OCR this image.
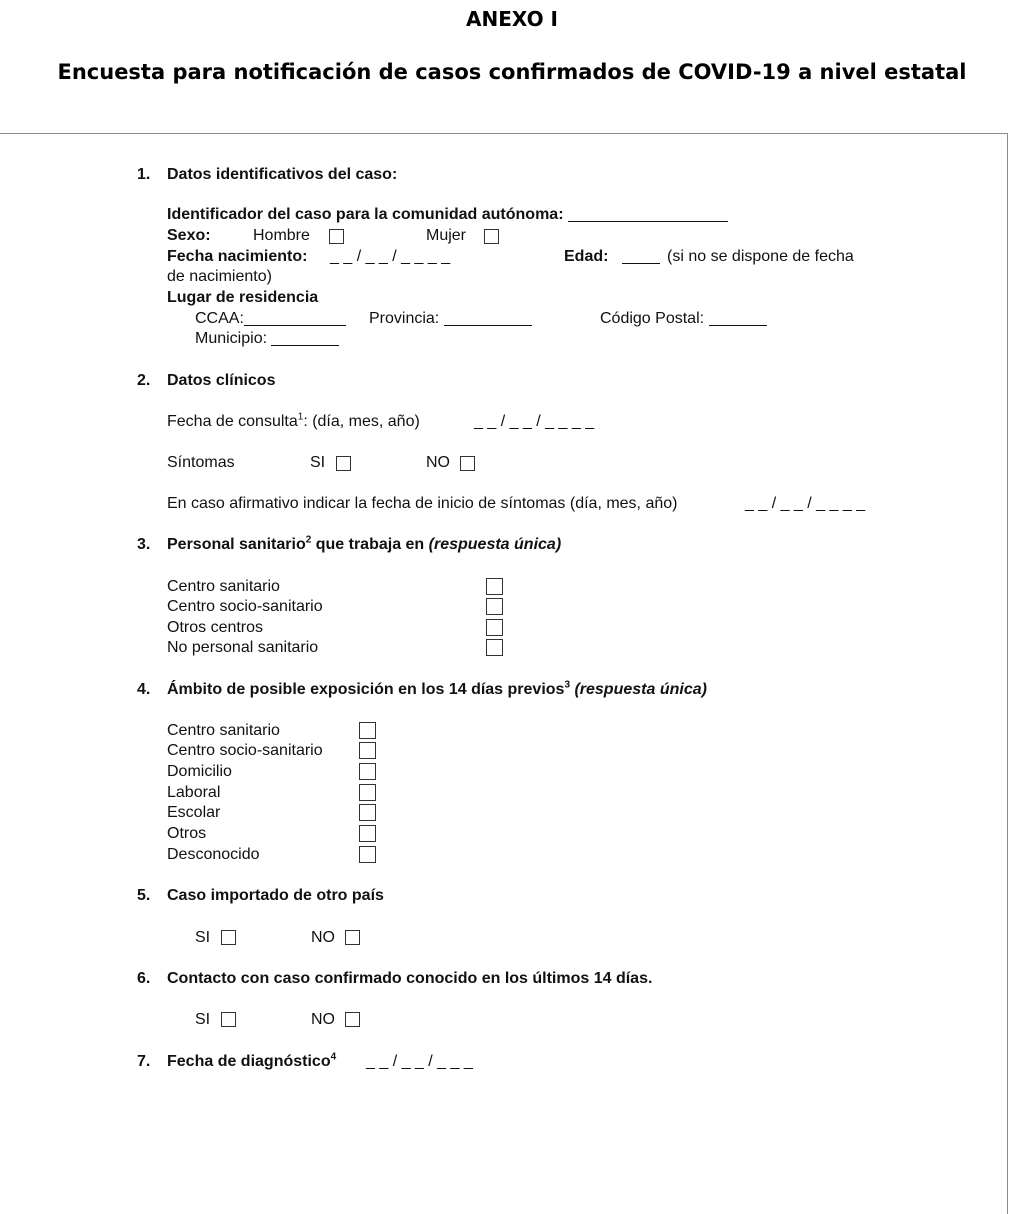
ANEXO I
Encuesta para notificación de casos confirmados de COVID-19 a nivel estatal
1. Datos identificativos del caso:
Identificador del caso para la comunidad autónoma:
Sexo:	Hombre	Mujer
Fecha nacimiento: _ _ / _ _ / _ _ _ _	Edad:	(si no se dispone de fecha
de nacimiento)
Lugar de residencia
CCAA:	Provincia:	Código Postal:
Municipio:
2. Datos clínicos
Fecha de consulta$^1$: (día, mes, año)	_ _ / _ _ / _ _ _ _
Síntomas	SI	NO
En caso afirmativo indicar la fecha de inicio de síntomas (día, mes, año)	_ _ / _ _ / _ _ _ _
3. Personal sanitario$^2$ que trabaja en (respuesta única)
Centro sanitario
Centro socio-sanitario
Otros centros
No personal sanitario
4. Ámbito de posible exposición en los 14 días previos$^3$ (respuesta única)
Centro sanitario
Centro socio-sanitario
Domicilio
Laboral
Escolar
Otros
Desconocido
5. Caso importado de otro país
SI	NO
6. Contacto con caso confirmado conocido en los últimos 14 días.
SI	NO
7. Fecha de diagnóstico$^4$ _ _ / _ _ / _ _ _
